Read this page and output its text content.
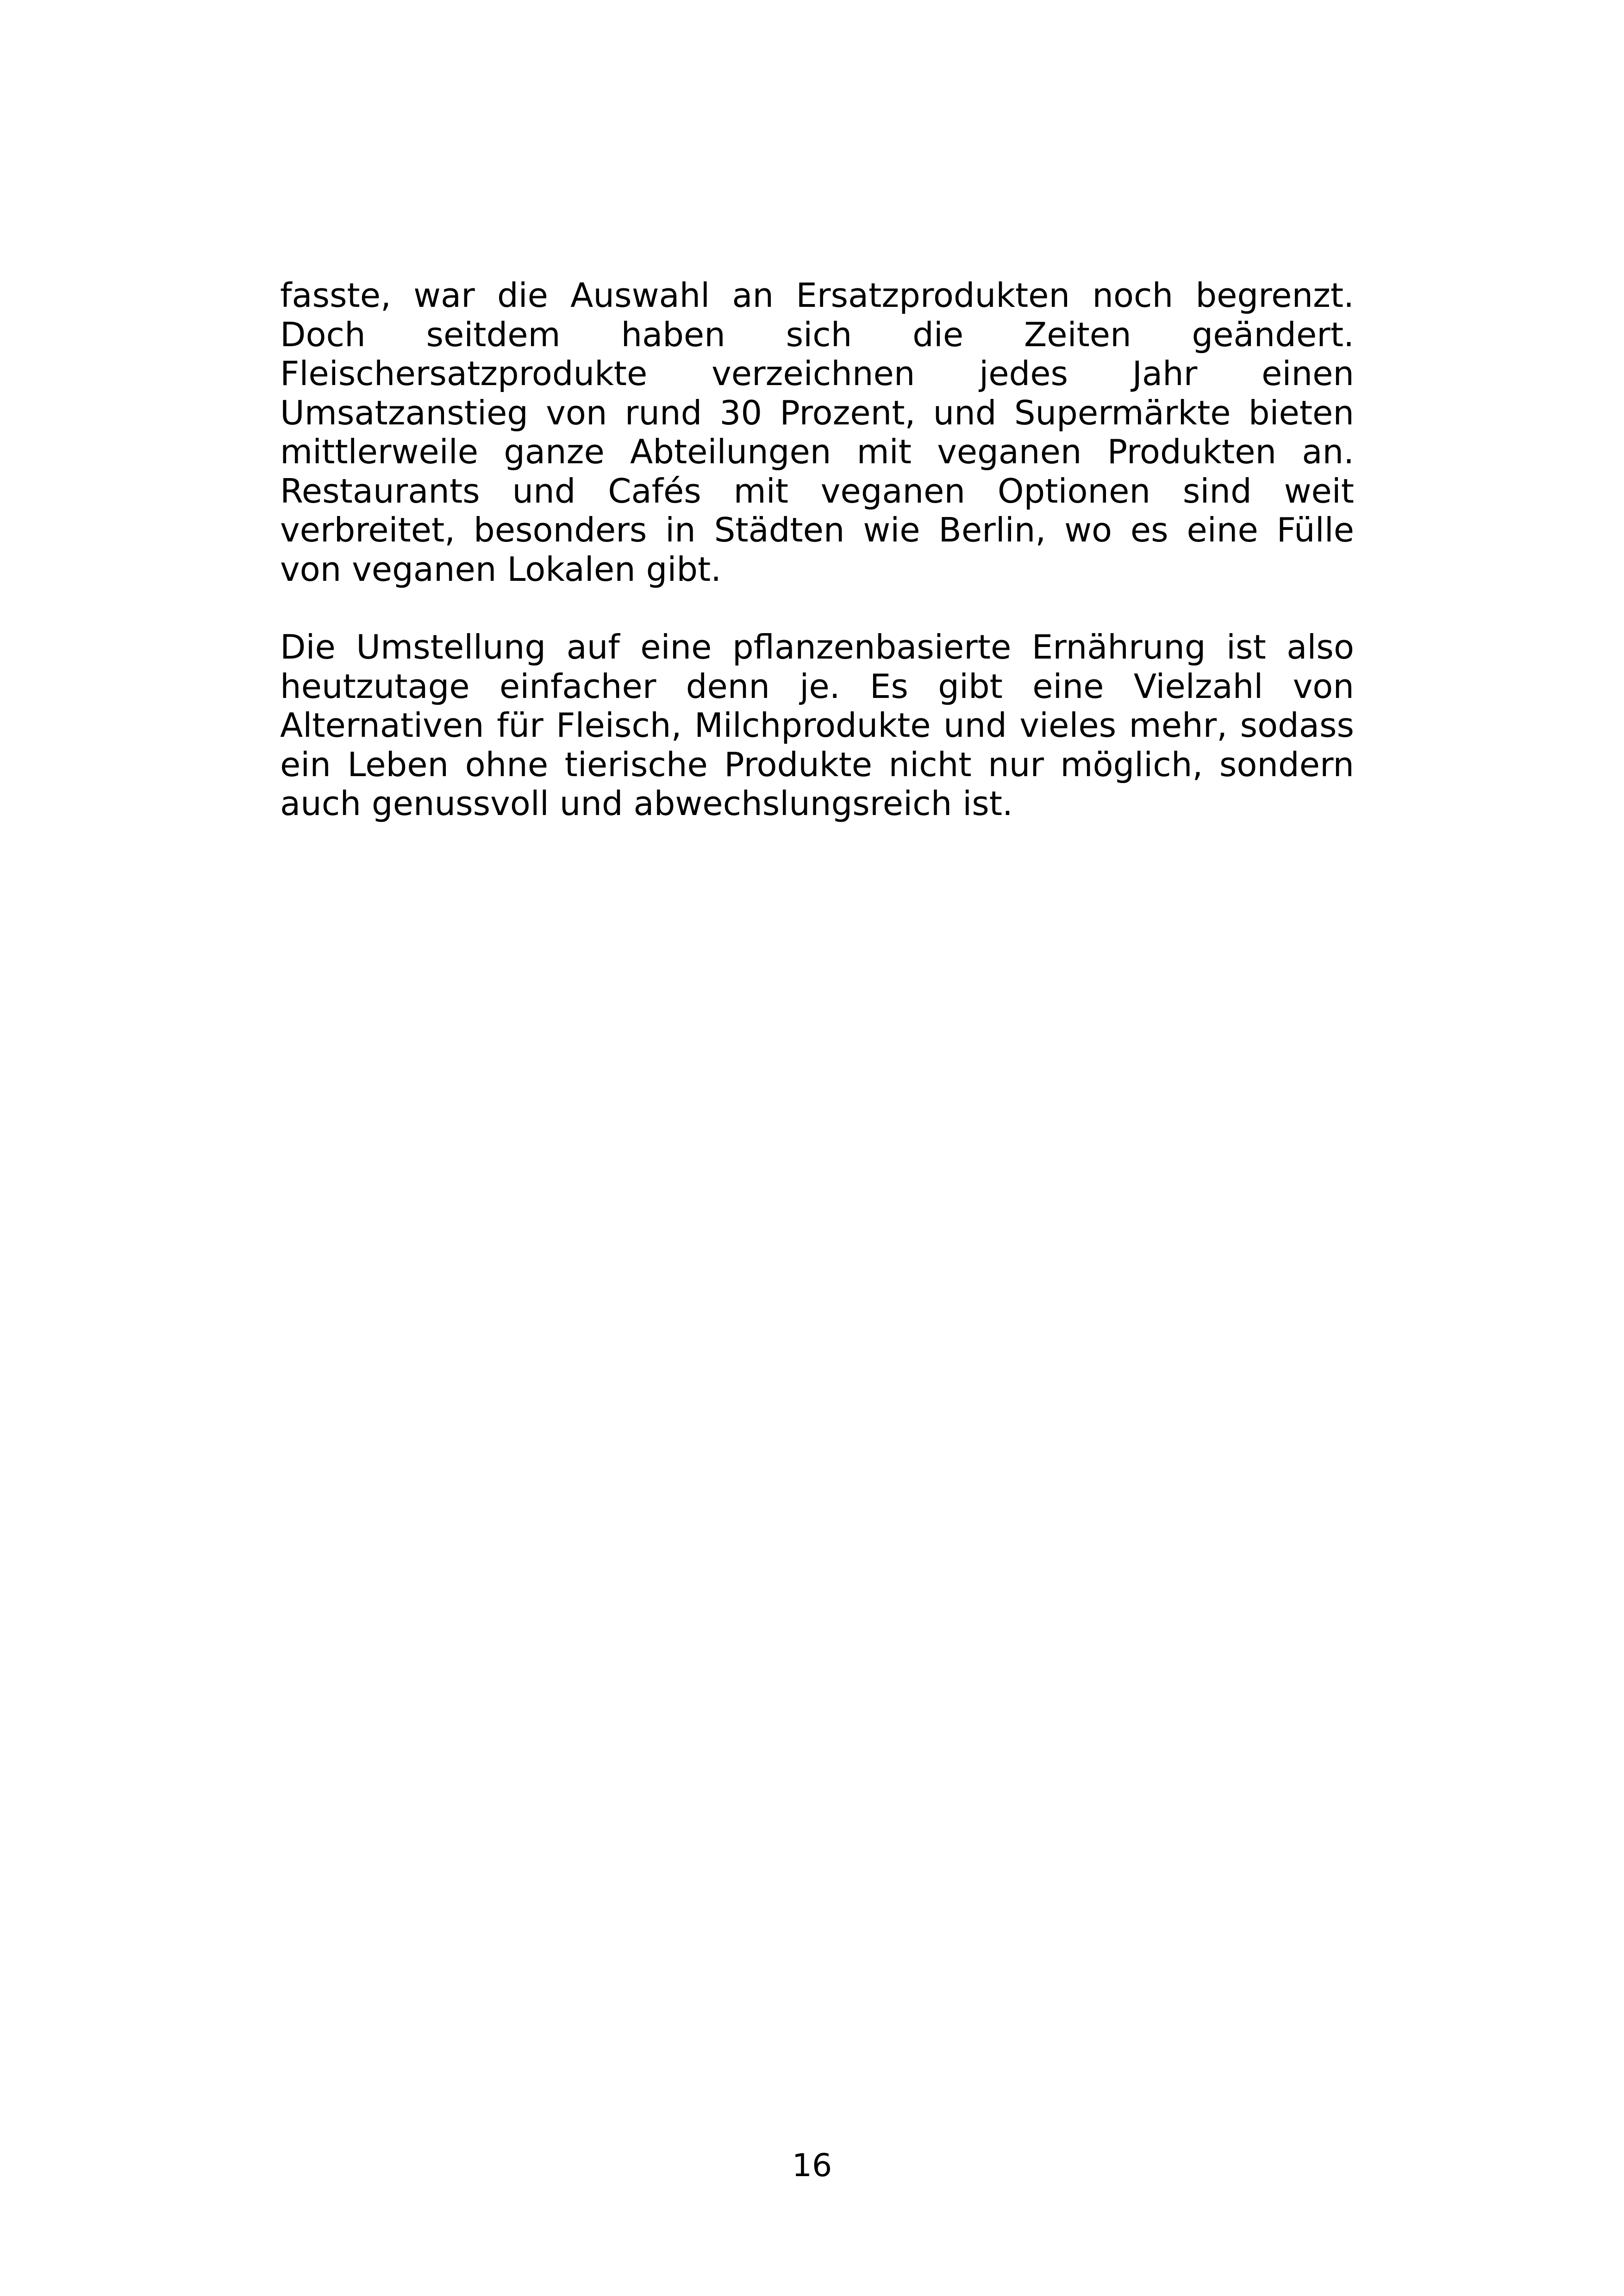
fasste, war die Auswahl an Ersatzprodukten noch begrenzt. Doch seitdem haben sich die Zeiten geändert. Fleischersatzprodukte verzeichnen jedes Jahr einen Umsatzanstieg von rund 30 Prozent, und Supermärkte bieten mittlerweile ganze Abteilungen mit veganen Produkten an. Restaurants und Cafés mit veganen Optionen sind weit verbreitet, besonders in Städten wie Berlin, wo es eine Fülle von veganen Lokalen gibt.

Die Umstellung auf eine pflanzenbasierte Ernährung ist also heutzutage einfacher denn je. Es gibt eine Vielzahl von Alternativen für Fleisch, Milchprodukte und vieles mehr, sodass ein Leben ohne tierische Produkte nicht nur möglich, sondern auch genussvoll und abwechslungsreich ist.

16
